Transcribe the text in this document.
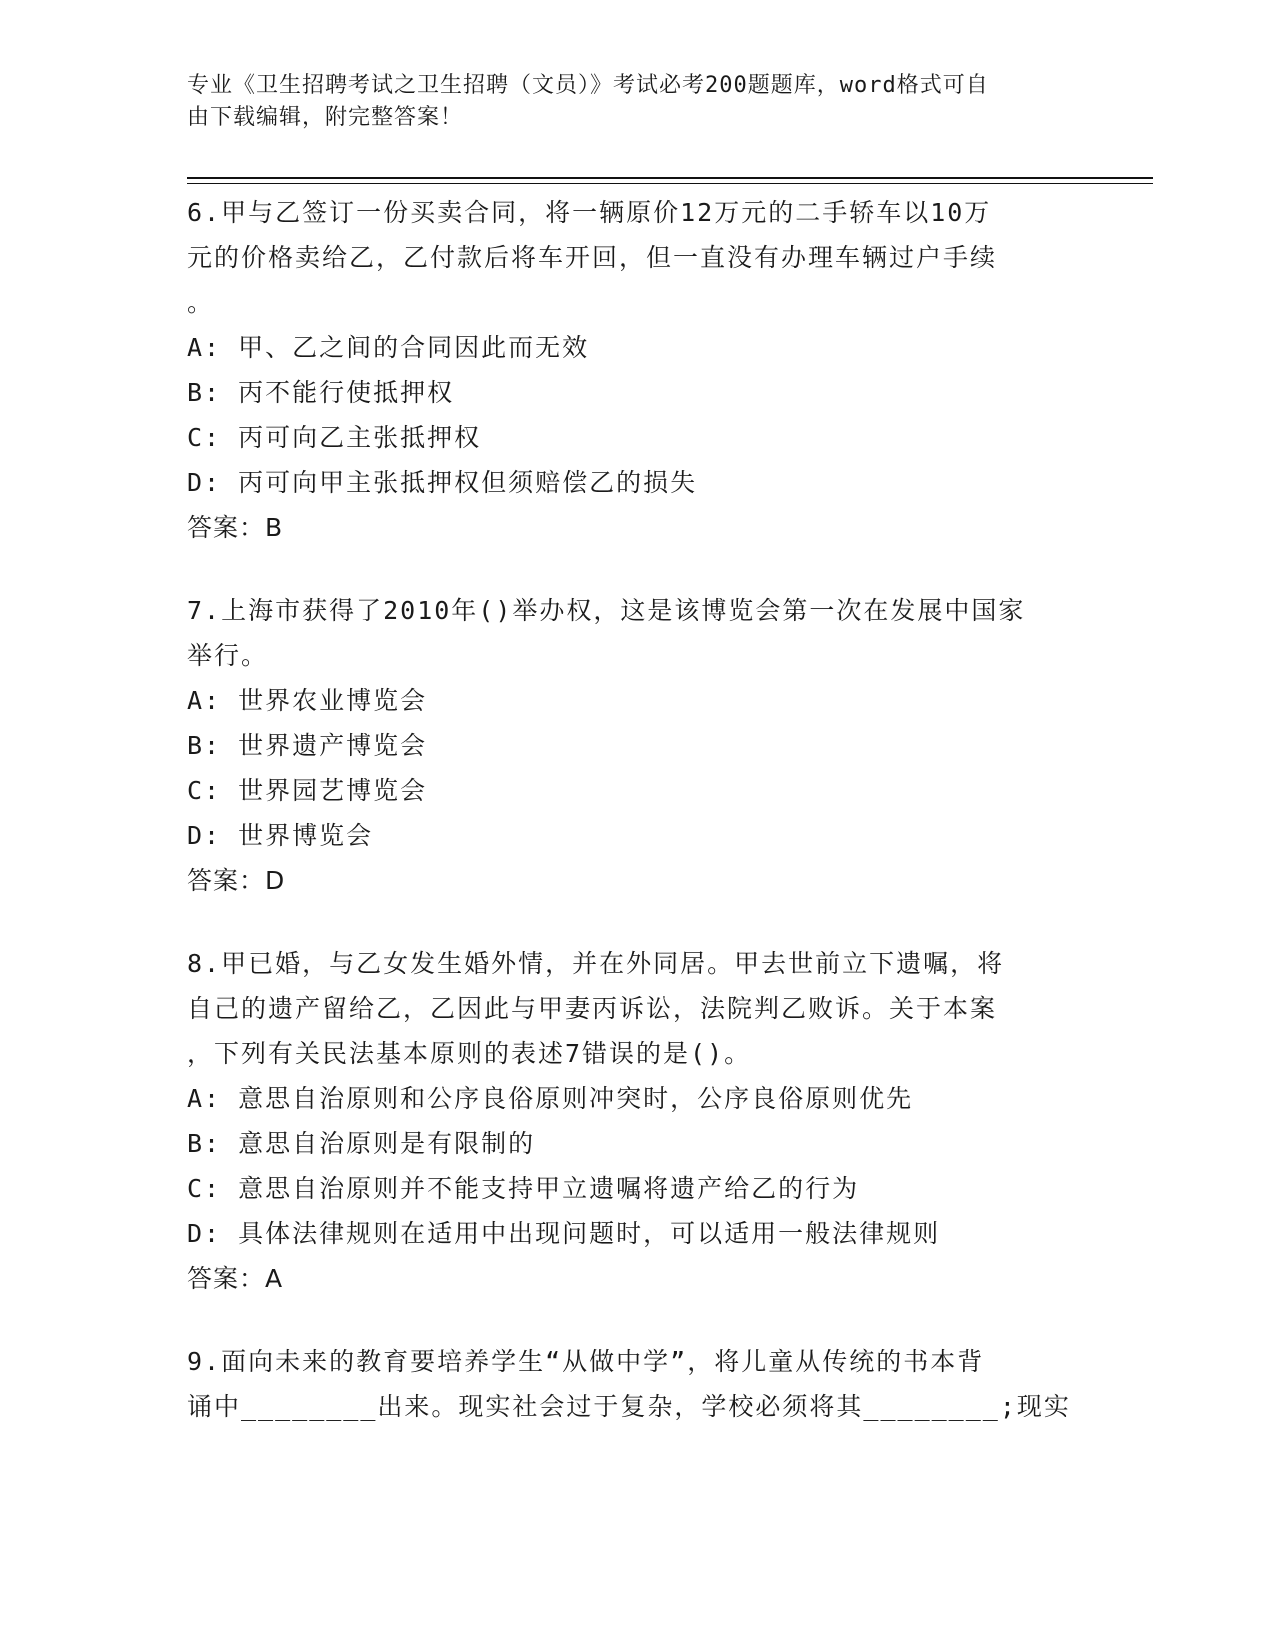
专业《卫生招聘考试之卫生招聘（文员）》考试必考200题题库，word格式可自
由下载编辑，附完整答案！

6.甲与乙签订一份买卖合同，将一辆原价12万元的二手轿车以10万

元的价格卖给乙，乙付款后将车开回，但一直没有办理车辆过户手续

。

A: 甲、乙之间的合同因此而无效

B: 丙不能行使抵押权

C: 丙可向乙主张抵押权

D: 丙可向甲主张抵押权但须赔偿乙的损失

答案：B

7.上海市获得了2010年()举办权，这是该博览会第一次在发展中国家

举行。

A: 世界农业博览会

B: 世界遗产博览会

C: 世界园艺博览会

D: 世界博览会

答案：D

8.甲已婚，与乙女发生婚外情，并在外同居。甲去世前立下遗嘱，将

自己的遗产留给乙，乙因此与甲妻丙诉讼，法院判乙败诉。关于本案

，下列有关民法基本原则的表述7错误的是()。

A: 意思自治原则和公序良俗原则冲突时，公序良俗原则优先

B: 意思自治原则是有限制的

C: 意思自治原则并不能支持甲立遗嘱将遗产给乙的行为

D: 具体法律规则在适用中出现问题时，可以适用一般法律规则

答案：A

9.面向未来的教育要培养学生“从做中学”，将儿童从传统的书本背

诵中________出来。现实社会过于复杂，学校必须将其________;现实
